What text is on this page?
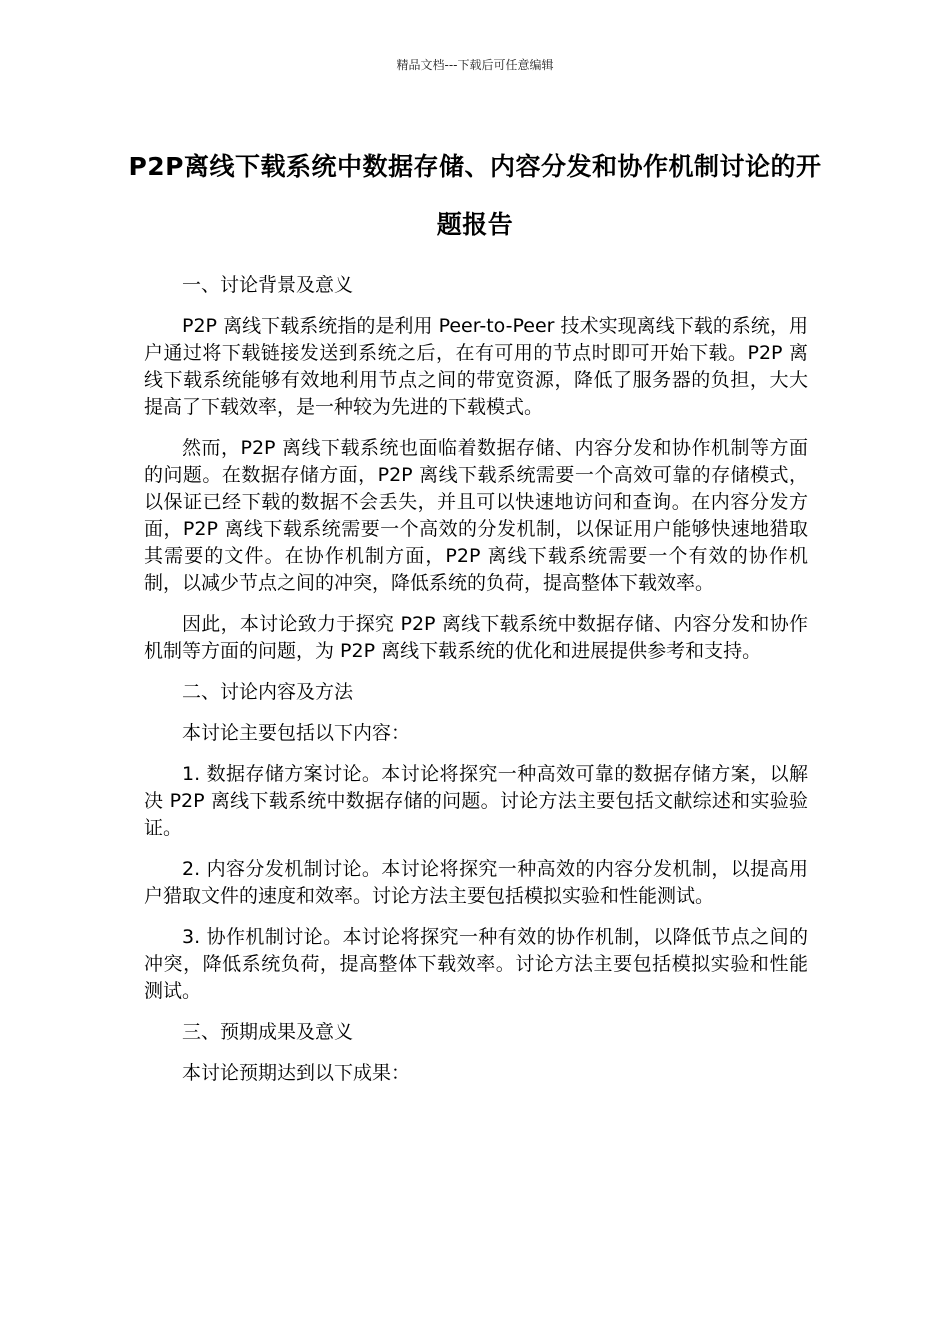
精品文档---下载后可任意编辑
P2P离线下载系统中数据存储、内容分发和协作机制讨论的开题报告
一、讨论背景及意义

P2P 离线下载系统指的是利用 Peer-to-Peer 技术实现离线下载的系统，用户通过将下载链接发送到系统之后，在有可用的节点时即可开始下载。P2P 离线下载系统能够有效地利用节点之间的带宽资源，降低了服务器的负担，大大提高了下载效率，是一种较为先进的下载模式。

然而，P2P 离线下载系统也面临着数据存储、内容分发和协作机制等方面的问题。在数据存储方面，P2P 离线下载系统需要一个高效可靠的存储模式，以保证已经下载的数据不会丢失，并且可以快速地访问和查询。在内容分发方面，P2P 离线下载系统需要一个高效的分发机制，以保证用户能够快速地猎取其需要的文件。在协作机制方面，P2P 离线下载系统需要一个有效的协作机制，以减少节点之间的冲突，降低系统的负荷，提高整体下载效率。

因此，本讨论致力于探究 P2P 离线下载系统中数据存储、内容分发和协作机制等方面的问题，为 P2P 离线下载系统的优化和进展提供参考和支持。

二、讨论内容及方法

本讨论主要包括以下内容：

1. 数据存储方案讨论。本讨论将探究一种高效可靠的数据存储方案，以解决 P2P 离线下载系统中数据存储的问题。讨论方法主要包括文献综述和实验验证。

2. 内容分发机制讨论。本讨论将探究一种高效的内容分发机制，以提高用户猎取文件的速度和效率。讨论方法主要包括模拟实验和性能测试。

3. 协作机制讨论。本讨论将探究一种有效的协作机制，以降低节点之间的冲突，降低系统负荷，提高整体下载效率。讨论方法主要包括模拟实验和性能测试。

三、预期成果及意义

本讨论预期达到以下成果：
